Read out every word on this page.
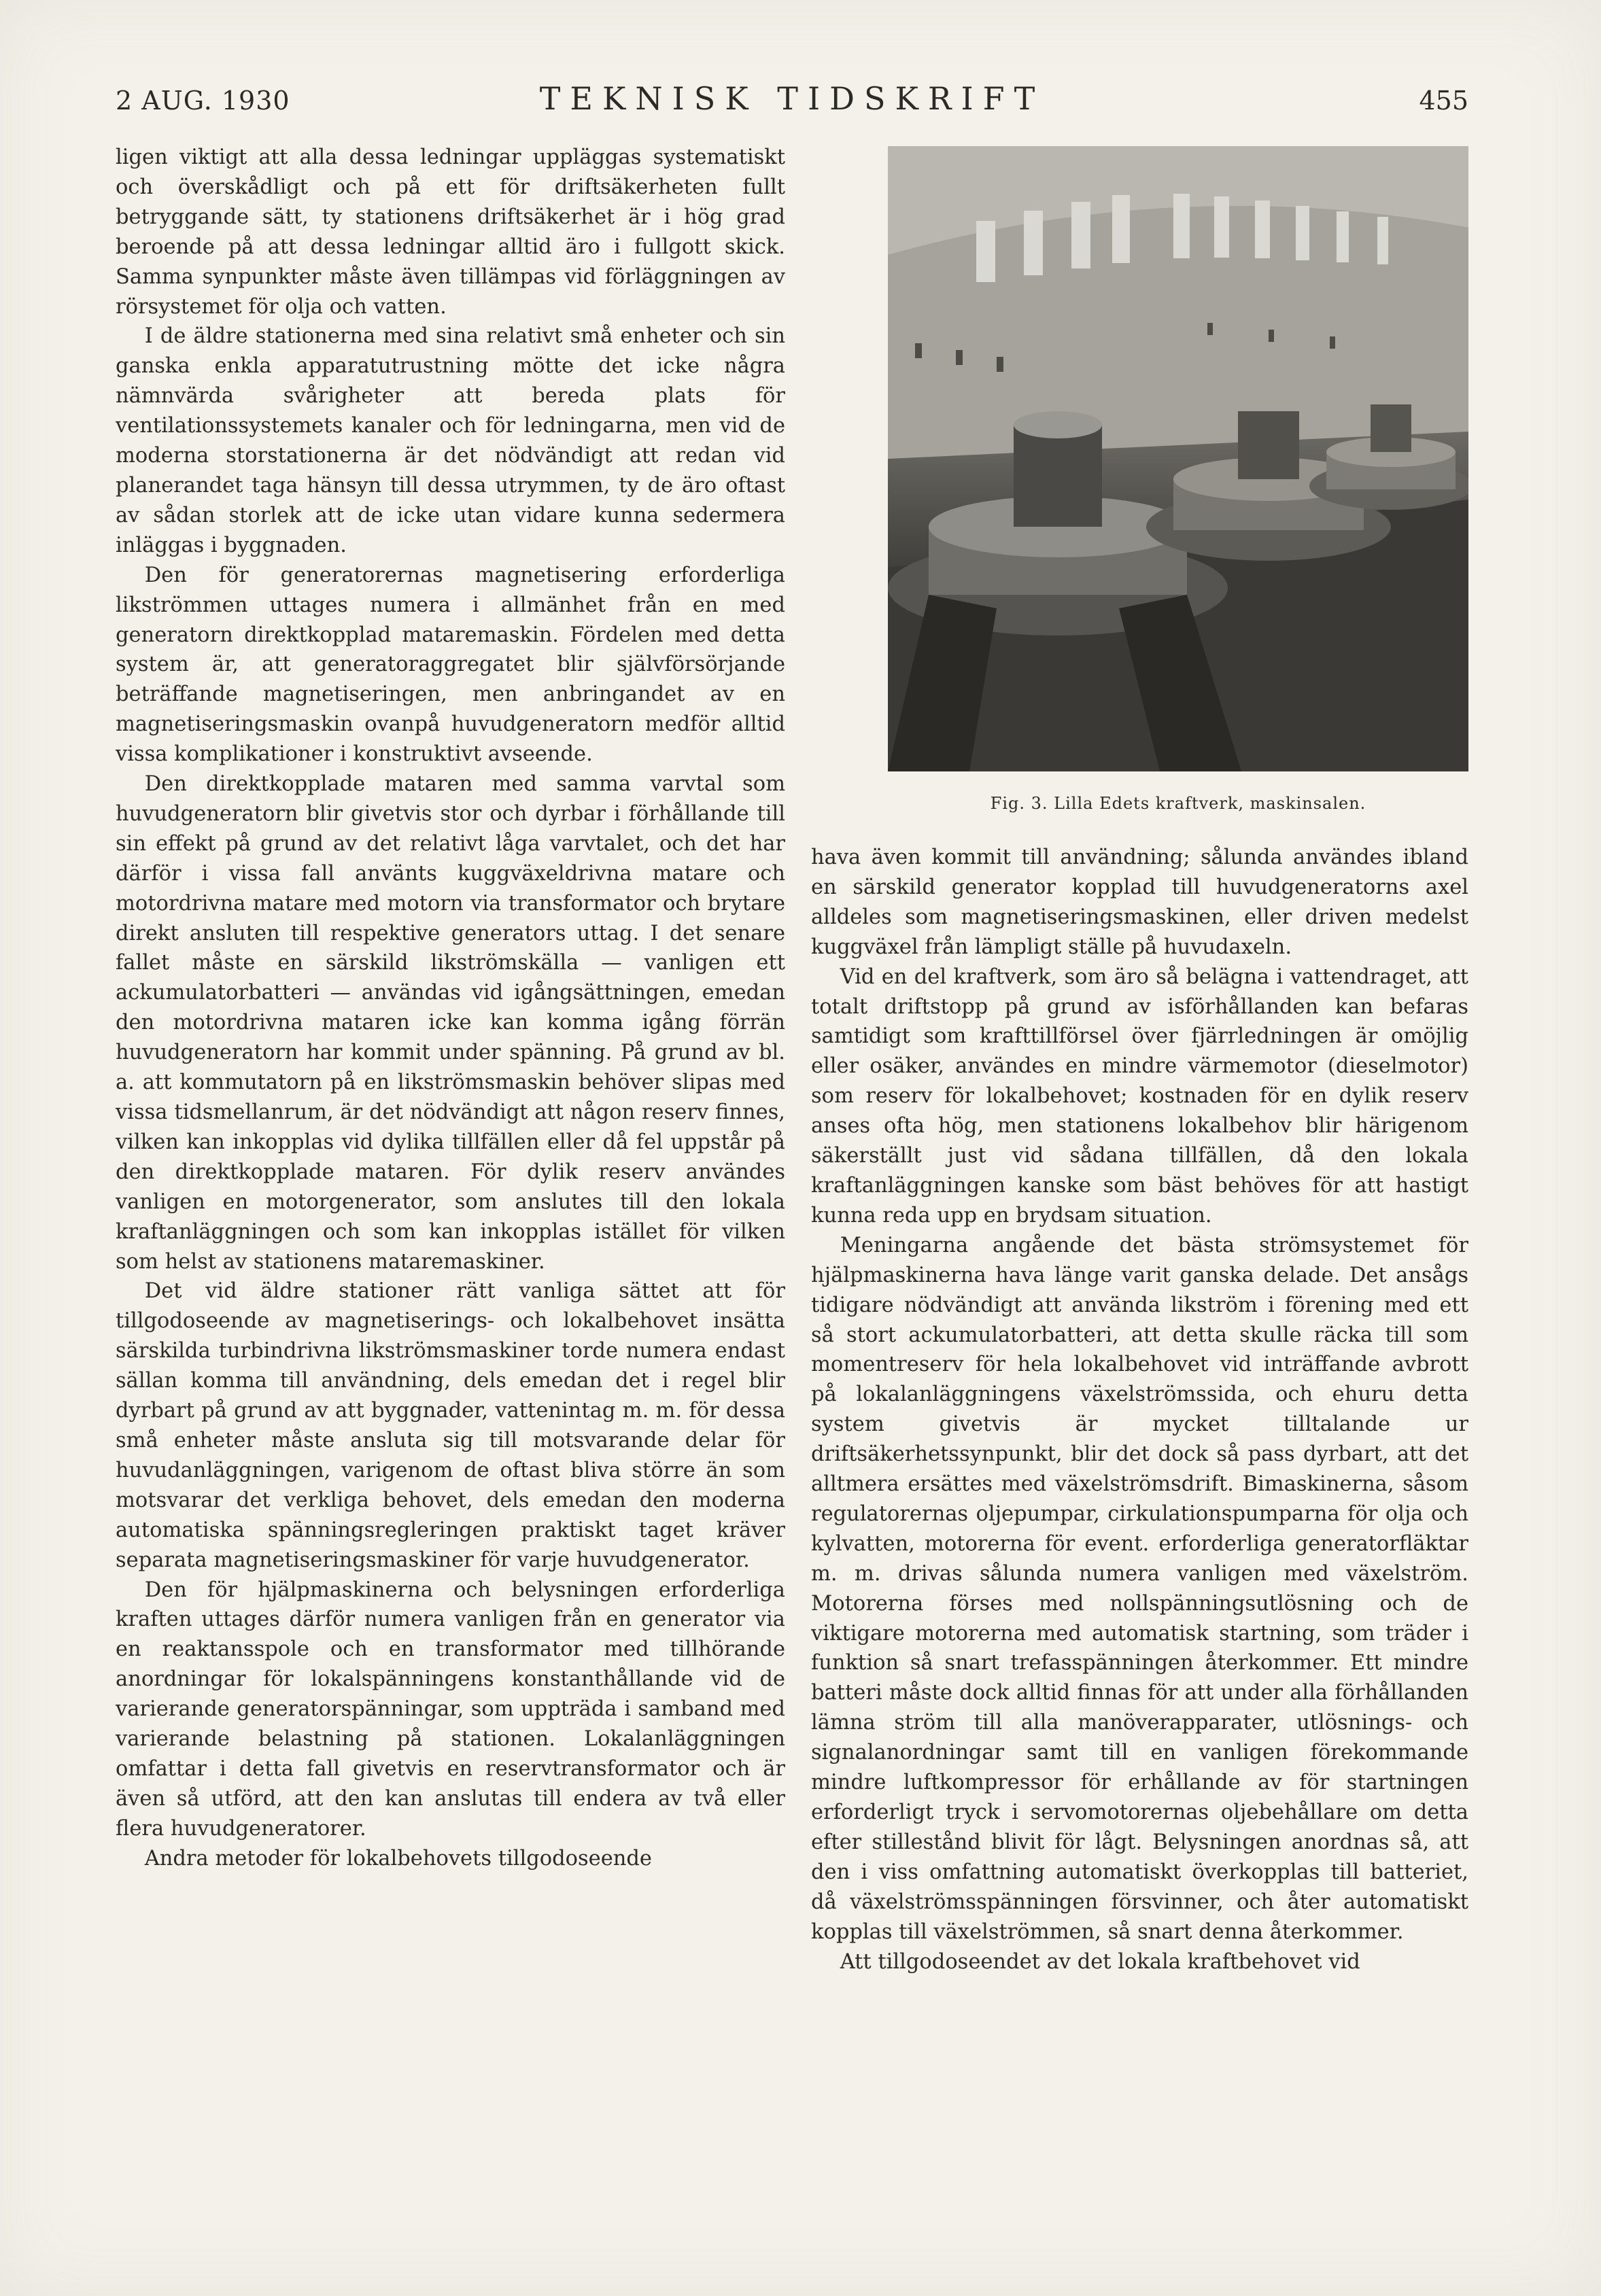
2 AUG. 1930	TEKNISK TIDSKRIFT	455

ligen viktigt att alla dessa ledningar uppläggas systematiskt och överskådligt och på ett för driftsäkerheten fullt betryggande sätt, ty stationens driftsäkerhet är i hög grad beroende på att dessa ledningar alltid äro i fullgott skick. Samma synpunkter måste även tillämpas vid förläggningen av rörsystemet för olja och vatten.

I de äldre stationerna med sina relativt små enheter och sin ganska enkla apparatutrustning mötte det icke några nämnvärda svårigheter att bereda plats för ventilationssystemets kanaler och för ledningarna, men vid de moderna storstationerna är det nödvändigt att redan vid planerandet taga hänsyn till dessa utrymmen, ty de äro oftast av sådan storlek att de icke utan vidare kunna sedermera inläggas i byggnaden.

Den för generatorernas magnetisering erforderliga likströmmen uttages numera i allmänhet från en med generatorn direktkopplad mataremaskin. Fördelen med detta system är, att generatoraggregatet blir självförsörjande beträffande magnetiseringen, men anbringandet av en magnetiseringsmaskin ovanpå huvudgeneratorn medför alltid vissa komplikationer i konstruktivt avseende.

Den direktkopplade mataren med samma varvtal som huvudgeneratorn blir givetvis stor och dyrbar i förhållande till sin effekt på grund av det relativt låga varvtalet, och det har därför i vissa fall använts kuggväxeldrivna matare och motordrivna matare med motorn via transformator och brytare direkt ansluten till respektive generators uttag. I det senare fallet måste en särskild likströmskälla — vanligen ett ackumulatorbatteri — användas vid igångsättningen, emedan den motordrivna mataren icke kan komma igång förrän huvudgeneratorn har kommit under spänning. På grund av bl. a. att kommutatorn på en likströmsmaskin behöver slipas med vissa tidsmellanrum, är det nödvändigt att någon reserv finnes, vilken kan inkopplas vid dylika tillfällen eller då fel uppstår på den direktkopplade mataren. För dylik reserv användes vanligen en motorgenerator, som anslutes till den lokala kraftanläggningen och som kan inkopplas istället för vilken som helst av stationens mataremaskiner.

Det vid äldre stationer rätt vanliga sättet att för tillgodoseende av magnetiserings- och lokalbehovet insätta särskilda turbindrivna likströmsmaskiner torde numera endast sällan komma till användning, dels emedan det i regel blir dyrbart på grund av att byggnader, vattenintag m. m. för dessa små enheter måste ansluta sig till motsvarande delar för huvudanläggningen, varigenom de oftast bliva större än som motsvarar det verkliga behovet, dels emedan den moderna automatiska spänningsregleringen praktiskt taget kräver separata magnetiseringsmaskiner för varje huvudgenerator.

Den för hjälpmaskinerna och belysningen erforderliga kraften uttages därför numera vanligen från en generator via en reaktansspole och en transformator med tillhörande anordningar för lokalspänningens konstanthållande vid de varierande generatorspänningar, som uppträda i samband med varierande belastning på stationen. Lokalanläggningen omfattar i detta fall givetvis en reservtransformator och är även så utförd, att den kan anslutas till endera av två eller flera huvudgeneratorer.

Andra metoder för lokalbehovets tillgodoseende

Fig. 3. Lilla Edets kraftverk, maskinsalen.

hava även kommit till användning; sålunda användes ibland en särskild generator kopplad till huvudgeneratorns axel alldeles som magnetiseringsmaskinen, eller driven medelst kuggväxel från lämpligt ställe på huvudaxeln.

Vid en del kraftverk, som äro så belägna i vattendraget, att totalt driftstopp på grund av isförhållanden kan befaras samtidigt som krafttillförsel över fjärrledningen är omöjlig eller osäker, användes en mindre värmemotor (dieselmotor) som reserv för lokalbehovet; kostnaden för en dylik reserv anses ofta hög, men stationens lokalbehov blir härigenom säkerställt just vid sådana tillfällen, då den lokala kraftanläggningen kanske som bäst behöves för att hastigt kunna reda upp en brydsam situation.

Meningarna angående det bästa strömsystemet för hjälpmaskinerna hava länge varit ganska delade. Det ansågs tidigare nödvändigt att använda likström i förening med ett så stort ackumulatorbatteri, att detta skulle räcka till som momentreserv för hela lokalbehovet vid inträffande avbrott på lokalanläggningens växelströmssida, och ehuru detta system givetvis är mycket tilltalande ur driftsäkerhetssynpunkt, blir det dock så pass dyrbart, att det alltmera ersättes med växelströmsdrift. Bimaskinerna, såsom regulatorernas oljepumpar, cirkulationspumparna för olja och kylvatten, motorerna för event. erforderliga generatorfläktar m. m. drivas sålunda numera vanligen med växelström. Motorerna förses med nollspänningsutlösning och de viktigare motorerna med automatisk startning, som träder i funktion så snart trefasspänningen återkommer. Ett mindre batteri måste dock alltid finnas för att under alla förhållanden lämna ström till alla manöverapparater, utlösnings- och signalanordningar samt till en vanligen förekommande mindre luftkompressor för erhållande av för startningen erforderligt tryck i servomotorernas oljebehållare om detta efter stillestånd blivit för lågt. Belysningen anordnas så, att den i viss omfattning automatiskt överkopplas till batteriet, då växelströmsspänningen försvinner, och åter automatiskt kopplas till växelströmmen, så snart denna återkommer.

Att tillgodoseendet av det lokala kraftbehovet vid
